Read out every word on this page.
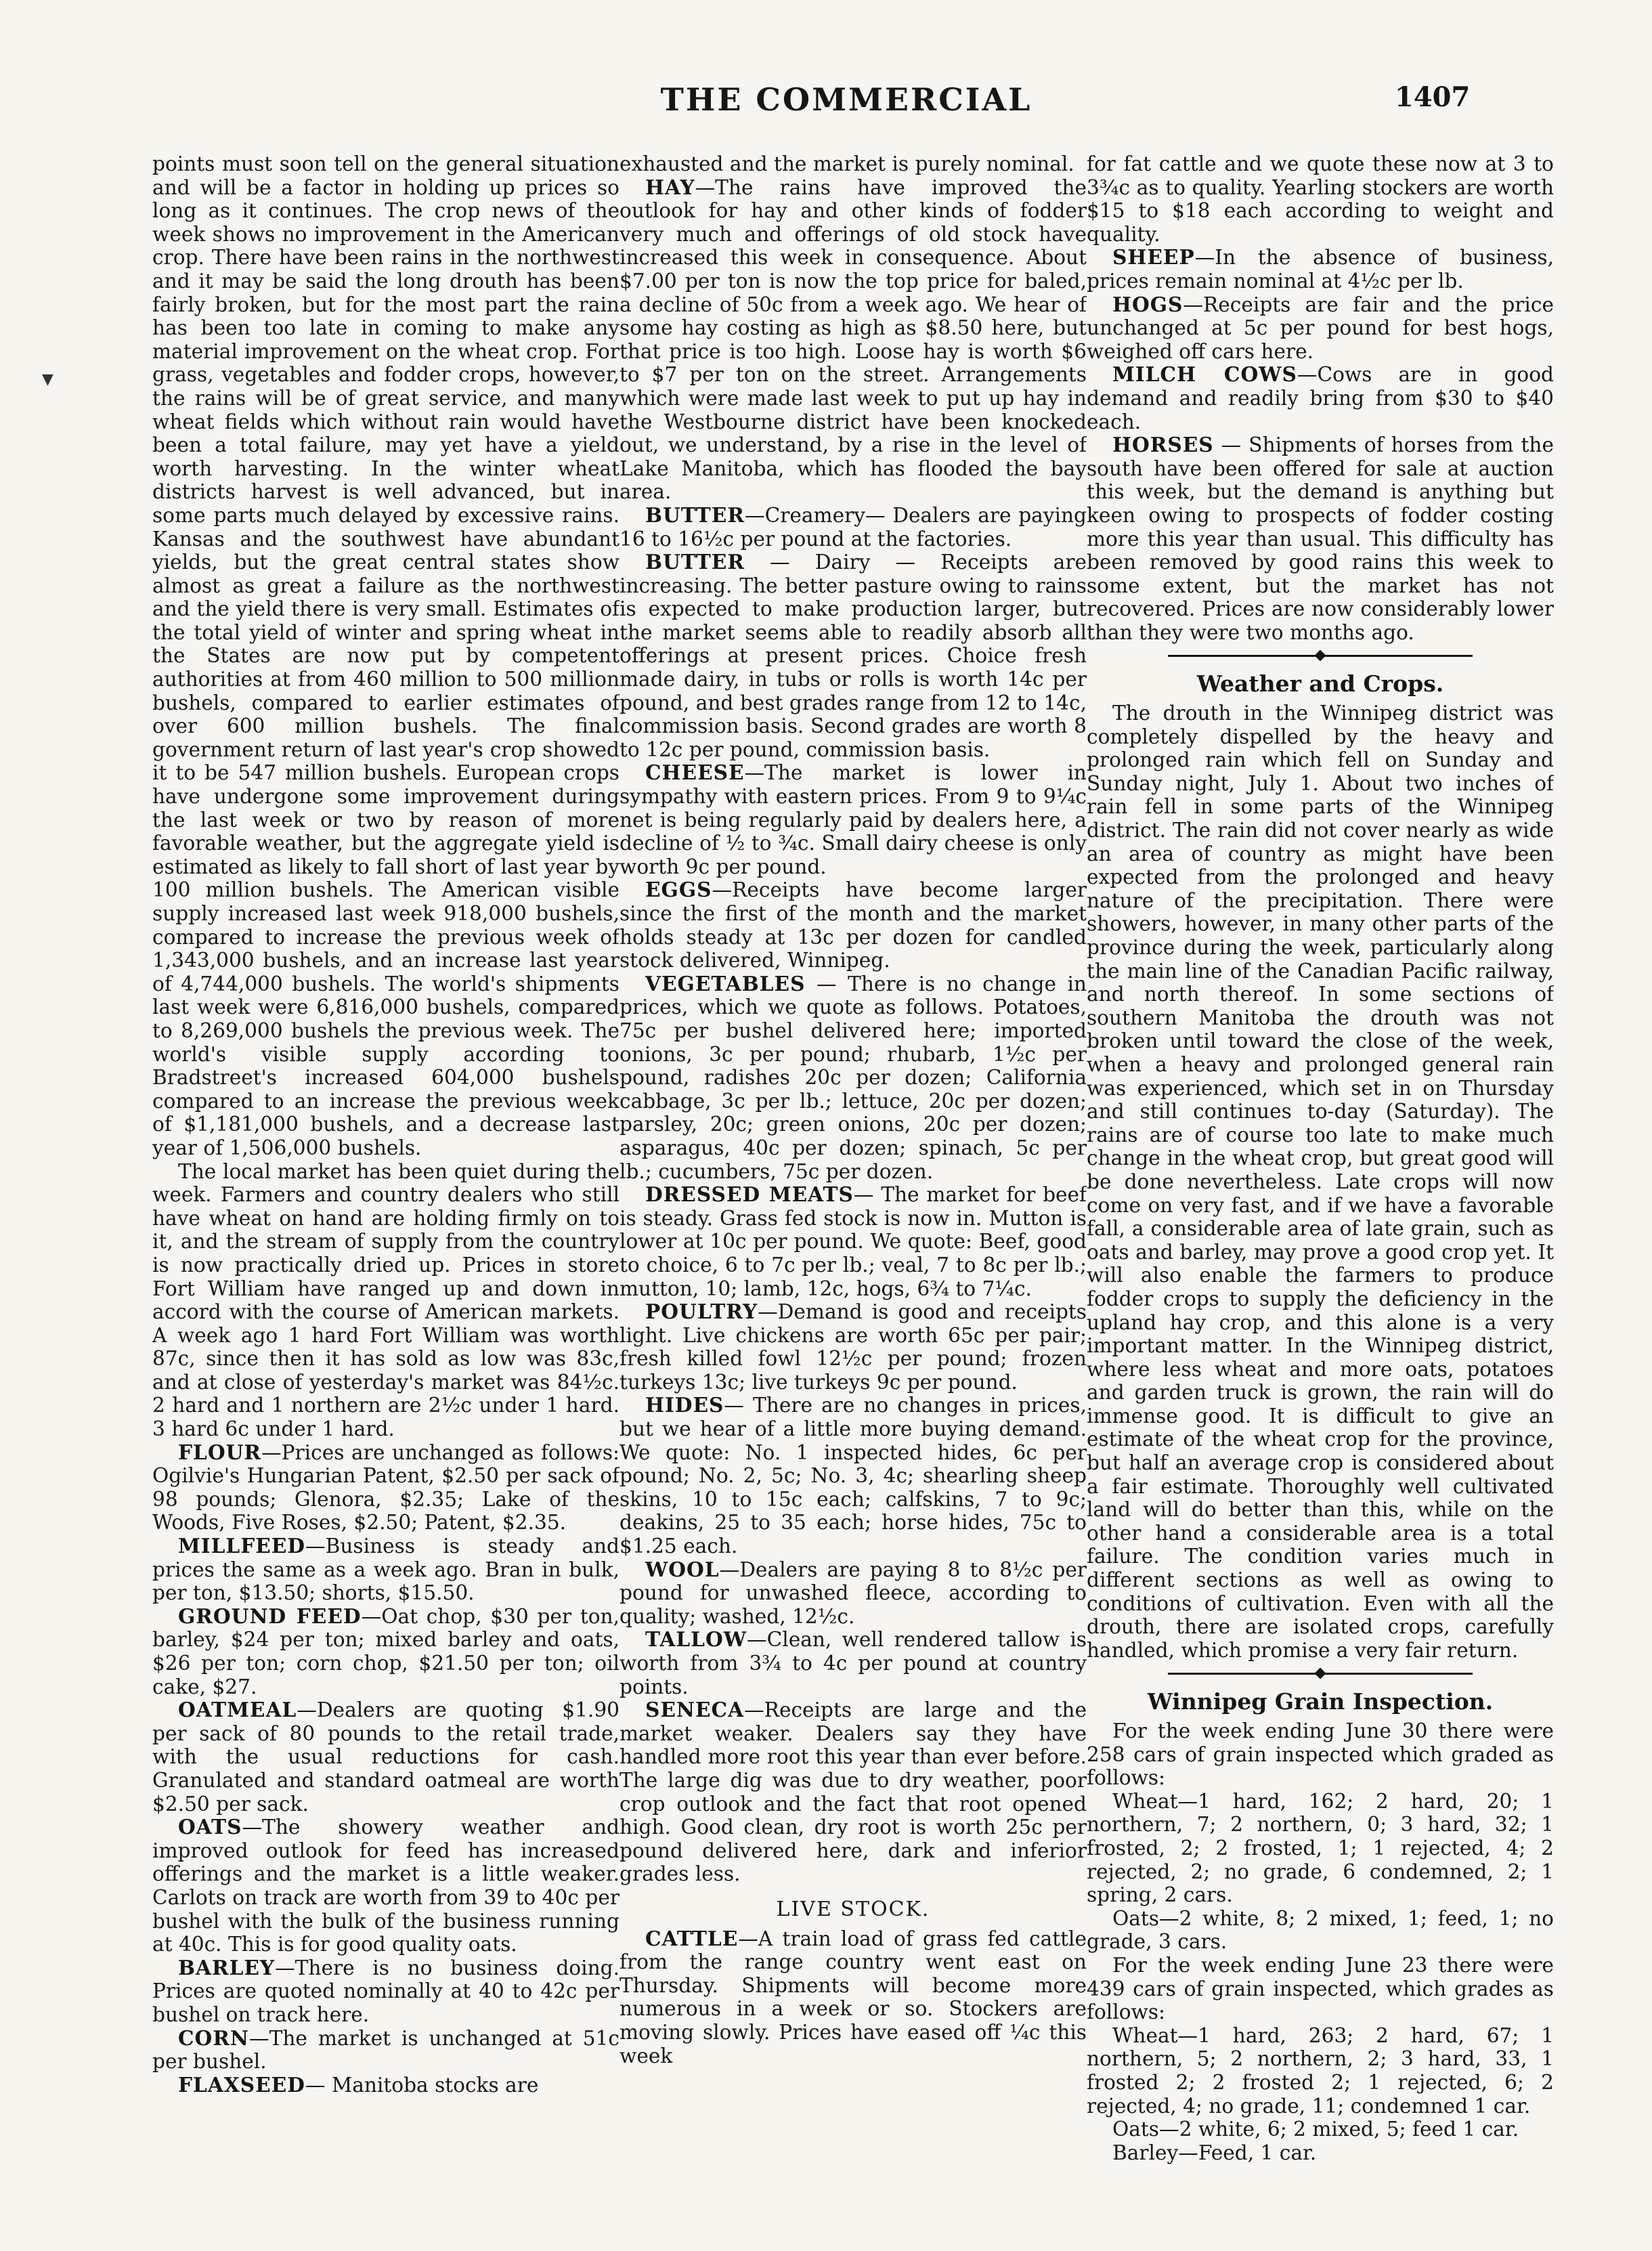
THE COMMERCIAL	1407
▼

points must soon tell on the general situation and will be a factor in holding up prices so long as it continues. The crop news of the week shows no improvement in the American crop. There have been rains in the northwest and it may be said the long drouth has been fairly broken, but for the most part the rain has been too late in coming to make any material improvement on the wheat crop. For grass, vegetables and fodder crops, however, the rains will be of great service, and many wheat fields which without rain would have been a total failure, may yet have a yield worth harvesting. In the winter wheat districts harvest is well advanced, but in some parts much delayed by excessive rains. Kansas and the southwest have abundant yields, but the great central states show almost as great a failure as the northwest and the yield there is very small. Estimates of the total yield of winter and spring wheat in the States are now put by competent authorities at from 460 million to 500 million bushels, compared to earlier estimates of over 600 million bushels. The final government return of last year's crop showed it to be 547 million bushels. European crops have undergone some improvement during the last week or two by reason of more favorable weather, but the aggregate yield is estimated as likely to fall short of last year by 100 million bushels. The American visible supply increased last week 918,000 bushels, compared to increase the previous week of 1,343,000 bushels, and an increase last year of 4,744,000 bushels. The world's shipments last week were 6,816,000 bushels, compared to 8,269,000 bushels the previous week. The world's visible supply according to Bradstreet's increased 604,000 bushels compared to an increase the previous week of $1,181,000 bushels, and a decrease last year of 1,506,000 bushels.

The local market has been quiet during the week. Farmers and country dealers who still have wheat on hand are holding firmly on to it, and the stream of supply from the country is now practically dried up. Prices in store Fort William have ranged up and down in accord with the course of American markets. A week ago 1 hard Fort William was worth 87c, since then it has sold as low was 83c, and at close of yesterday's market was 84½c. 2 hard and 1 northern are 2½c under 1 hard. 3 hard 6c under 1 hard.

FLOUR—Prices are unchanged as follows: Ogilvie's Hungarian Patent, $2.50 per sack of 98 pounds; Glenora, $2.35; Lake of the Woods, Five Roses, $2.50; Patent, $2.35.

MILLFEED—Business is steady and prices the same as a week ago. Bran in bulk, per ton, $13.50; shorts, $15.50.

GROUND FEED—Oat chop, $30 per ton, barley, $24 per ton; mixed barley and oats, $26 per ton; corn chop, $21.50 per ton; oil cake, $27.

OATMEAL—Dealers are quoting $1.90 per sack of 80 pounds to the retail trade, with the usual reductions for cash. Granulated and standard oatmeal are worth $2.50 per sack.

OATS—The showery weather and improved outlook for feed has increased offerings and the market is a little weaker. Carlots on track are worth from 39 to 40c per bushel with the bulk of the business running at 40c. This is for good quality oats.

BARLEY—There is no business doing. Prices are quoted nominally at 40 to 42c per bushel on track here.

CORN—The market is unchanged at 51c per bushel.

FLAXSEED— Manitoba stocks are

exhausted and the market is purely nominal.

HAY—The rains have improved the outlook for hay and other kinds of fodder very much and offerings of old stock have increased this week in consequence. About $7.00 per ton is now the top price for baled, a decline of 50c from a week ago. We hear of some hay costing as high as $8.50 here, but that price is too high. Loose hay is worth $6 to $7 per ton on the street. Arrangements which were made last week to put up hay in the Westbourne district have been knocked out, we understand, by a rise in the level of Lake Manitoba, which has flooded the bay area.

BUTTER—Creamery— Dealers are paying 16 to 16½c per pound at the factories.

BUTTER — Dairy — Receipts are increasing. The better pasture owing to rains is expected to make production larger, but the market seems able to readily absorb all offerings at present prices. Choice fresh made dairy, in tubs or rolls is worth 14c per pound, and best grades range from 12 to 14c, commission basis. Second grades are worth 8 to 12c per pound, commission basis.

CHEESE—The market is lower in sympathy with eastern prices. From 9 to 9¼c net is being regularly paid by dealers here, a decline of ½ to ¾c. Small dairy cheese is only worth 9c per pound.

EGGS—Receipts have become larger since the first of the month and the market holds steady at 13c per dozen for candled stock delivered, Winnipeg.

VEGETABLES — There is no change in prices, which we quote as follows. Potatoes, 75c per bushel delivered here; imported onions, 3c per pound; rhubarb, 1½c per pound, radishes 20c per dozen; California cabbage, 3c per lb.; lettuce, 20c per dozen; parsley, 20c; green onions, 20c per dozen; asparagus, 40c per dozen; spinach, 5c per lb.; cucumbers, 75c per dozen.

DRESSED MEATS— The market for beef is steady. Grass fed stock is now in. Mutton is lower at 10c per pound. We quote: Beef, good to choice, 6 to 7c per lb.; veal, 7 to 8c per lb.; mutton, 10; lamb, 12c, hogs, 6¾ to 7¼c.

POULTRY—Demand is good and receipts light. Live chickens are worth 65c per pair; fresh killed fowl 12½c per pound; frozen turkeys 13c; live turkeys 9c per pound.

HIDES— There are no changes in prices, but we hear of a little more buying demand. We quote: No. 1 inspected hides, 6c per pound; No. 2, 5c; No. 3, 4c; shearling sheep skins, 10 to 15c each; calfskins, 7 to 9c; deakins, 25 to 35 each; horse hides, 75c to $1.25 each.

WOOL—Dealers are paying 8 to 8½c per pound for unwashed fleece, according to quality; washed, 12½c.

TALLOW—Clean, well rendered tallow is worth from 3¾ to 4c per pound at country points.

SENECA—Receipts are large and the market weaker. Dealers say they have handled more root this year than ever before. The large dig was due to dry weather, poor crop outlook and the fact that root opened high. Good clean, dry root is worth 25c per pound delivered here, dark and inferior grades less.

LIVE STOCK.

CATTLE—A train load of grass fed cattle from the range country went east on Thursday. Shipments will become more numerous in a week or so. Stockers are moving slowly. Prices have eased off ¼c this week

for fat cattle and we quote these now at 3 to 3¾c as to quality. Yearling stockers are worth $15 to $18 each according to weight and quality.

SHEEP—In the absence of business, prices remain nominal at 4½c per lb.

HOGS—Receipts are fair and the price unchanged at 5c per pound for best hogs, weighed off cars here.

MILCH COWS—Cows are in good demand and readily bring from $30 to $40 each.

HORSES — Shipments of horses from the south have been offered for sale at auction this week, but the demand is anything but keen owing to prospects of fodder costing more this year than usual. This difficulty has been removed by good rains this week to some extent, but the market has not recovered. Prices are now considerably lower than they were two months ago.

Weather and Crops.

The drouth in the Winnipeg district was completely dispelled by the heavy and prolonged rain which fell on Sunday and Sunday night, July 1. About two inches of rain fell in some parts of the Winnipeg district. The rain did not cover nearly as wide an area of country as might have been expected from the prolonged and heavy nature of the precipitation. There were showers, however, in many other parts of the province during the week, particularly along the main line of the Canadian Pacific railway, and north thereof. In some sections of southern Manitoba the drouth was not broken until toward the close of the week, when a heavy and prolonged general rain was experienced, which set in on Thursday and still continues to-day (Saturday). The rains are of course too late to make much change in the wheat crop, but great good will be done nevertheless. Late crops will now come on very fast, and if we have a favorable fall, a considerable area of late grain, such as oats and barley, may prove a good crop yet. It will also enable the farmers to produce fodder crops to supply the deficiency in the upland hay crop, and this alone is a very important matter. In the Winnipeg district, where less wheat and more oats, potatoes and garden truck is grown, the rain will do immense good. It is difficult to give an estimate of the wheat crop for the province, but half an average crop is considered about a fair estimate. Thoroughly well cultivated land will do better than this, while on the other hand a considerable area is a total failure. The condition varies much in different sections as well as owing to conditions of cultivation. Even with all the drouth, there are isolated crops, carefully handled, which promise a very fair return.

Winnipeg Grain Inspection.

For the week ending June 30 there were 258 cars of grain inspected which graded as follows:

Wheat—1 hard, 162; 2 hard, 20; 1 northern, 7; 2 northern, 0; 3 hard, 32; 1 frosted, 2; 2 frosted, 1; 1 rejected, 4; 2 rejected, 2; no grade, 6 condemned, 2; 1 spring, 2 cars.

Oats—2 white, 8; 2 mixed, 1; feed, 1; no grade, 3 cars.

For the week ending June 23 there were 439 cars of grain inspected, which grades as follows:

Wheat—1 hard, 263; 2 hard, 67; 1 northern, 5; 2 northern, 2; 3 hard, 33, 1 frosted 2; 2 frosted 2; 1 rejected, 6; 2 rejected, 4; no grade, 11; condemned 1 car.

Oats—2 white, 6; 2 mixed, 5; feed 1 car.

Barley—Feed, 1 car.
